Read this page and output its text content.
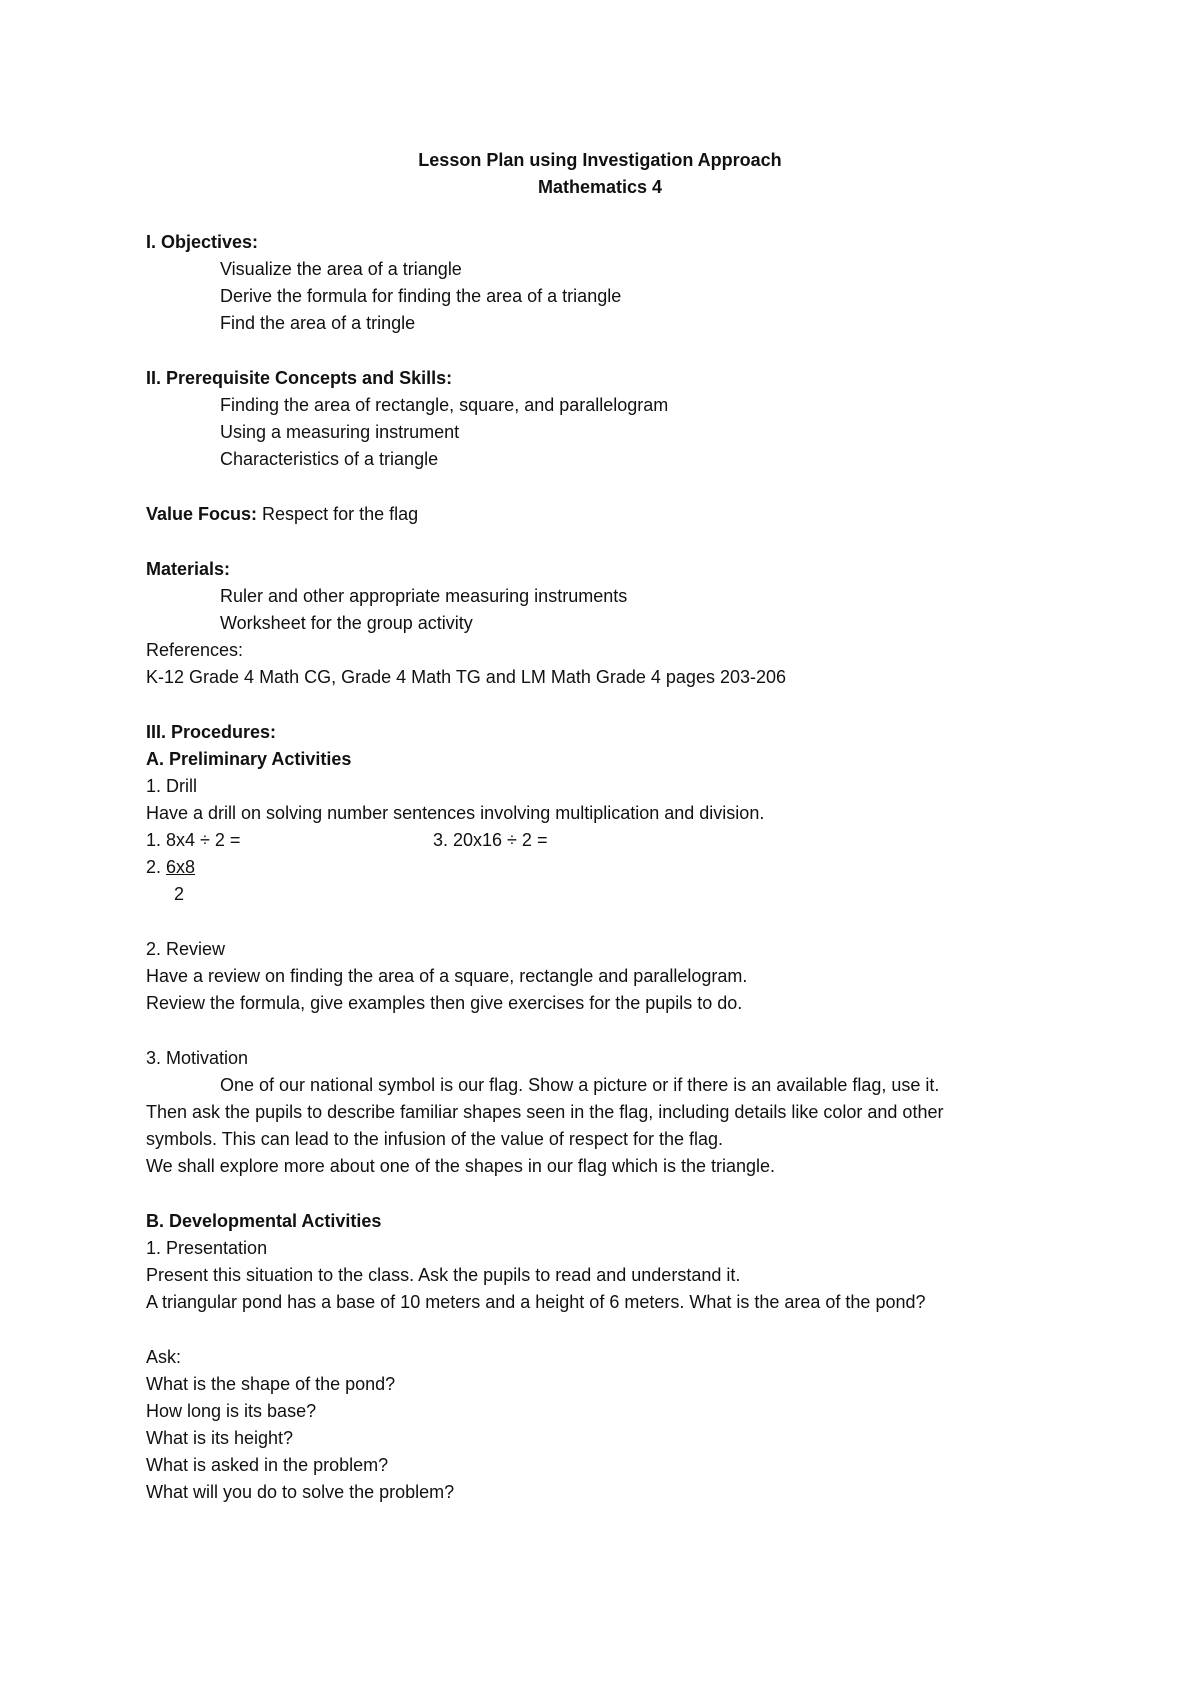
Lesson Plan using Investigation Approach
Mathematics 4
I. Objectives:
Visualize the area of a triangle
Derive the formula for finding the area of a triangle
Find the area of a tringle
II. Prerequisite Concepts and Skills:
Finding the area of rectangle, square, and parallelogram
Using a measuring instrument
Characteristics of a triangle
Value Focus: Respect for the flag
Materials:
Ruler and other appropriate measuring instruments
Worksheet for the group activity
References:
K-12 Grade 4 Math CG, Grade 4 Math TG and LM Math Grade 4 pages 203-206
III. Procedures:
A. Preliminary Activities
1. Drill
Have a drill on solving number sentences involving multiplication and division.
1. 8x4 ÷ 2 =	3. 20x16 ÷ 2 =
2. 6x8
2
2. Review
Have a review on finding the area of a square, rectangle and parallelogram.
Review the formula, give examples then give exercises for the pupils to do.
3. Motivation
One of our national symbol is our flag. Show a picture or if there is an available flag, use it.
Then ask the pupils to describe familiar shapes seen in the flag, including details like color and other
symbols. This can lead to the infusion of the value of respect for the flag.
We shall explore more about one of the shapes in our flag which is the triangle.
B. Developmental Activities
1. Presentation
Present this situation to the class. Ask the pupils to read and understand it.
A triangular pond has a base of 10 meters and a height of 6 meters. What is the area of the pond?
Ask:
What is the shape of the pond?
How long is its base?
What is its height?
What is asked in the problem?
What will you do to solve the problem?
